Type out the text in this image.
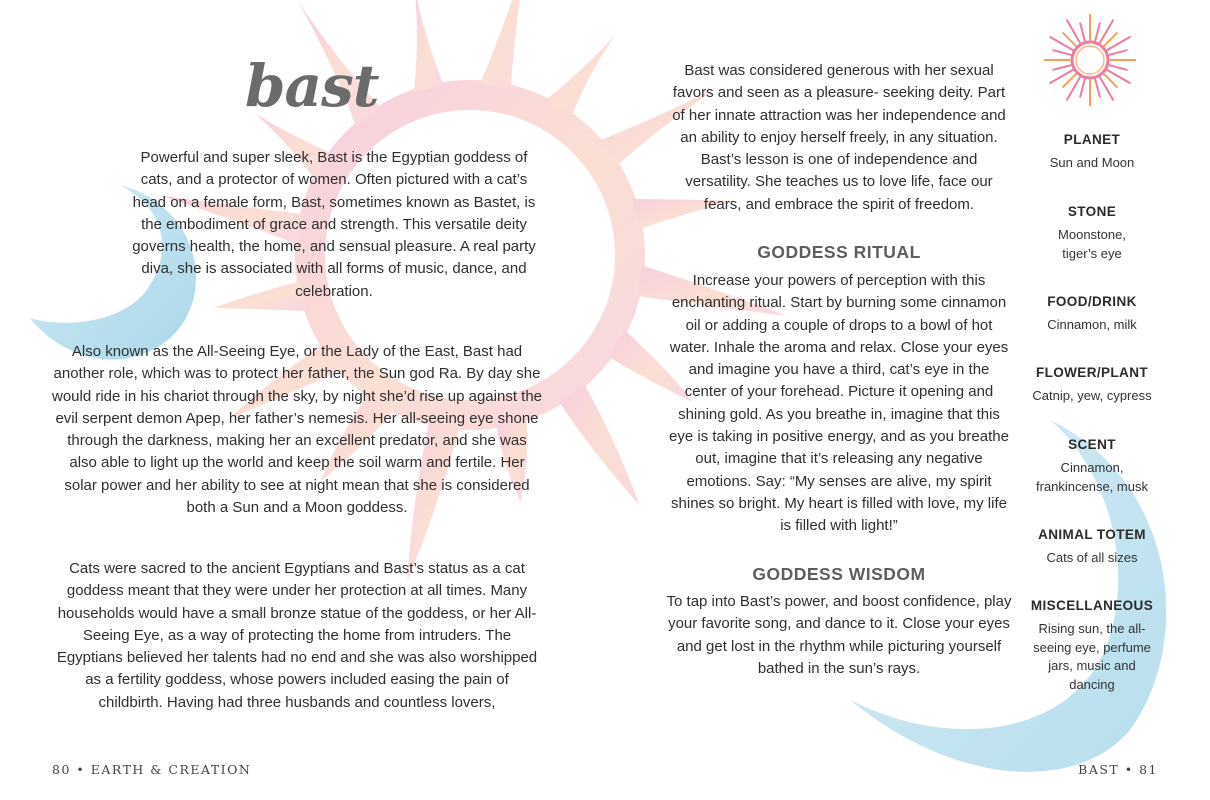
bast

Powerful and super sleek, Bast is the Egyptian goddess of cats, and a protector of women. Often pictured with a cat’s head on a female form, Bast, sometimes known as Bastet, is the embodiment of grace and strength. This versatile deity governs health, the home, and sensual pleasure. A real party diva, she is associated with all forms of music, dance, and celebration.

Also known as the All-Seeing Eye, or the Lady of the East, Bast had another role, which was to protect her father, the Sun god Ra. By day she would ride in his chariot through the sky, by night she’d rise up against the evil serpent demon Apep, her father’s nemesis. Her all-seeing eye shone through the darkness, making her an excellent predator, and she was also able to light up the world and keep the soil warm and fertile. Her solar power and her ability to see at night mean that she is considered both a Sun and a Moon goddess.

Cats were sacred to the ancient Egyptians and Bast’s status as a cat goddess meant that they were under her protection at all times. Many households would have a small bronze statue of the goddess, or her All-Seeing Eye, as a way of protecting the home from intruders. The Egyptians believed her talents had no end and she was also worshipped as a fertility goddess, whose powers included easing the pain of childbirth. Having had three husbands and countless lovers,

Bast was considered generous with her sexual favors and seen as a pleasure- seeking deity. Part of her innate attraction was her independence and an ability to enjoy herself freely, in any situation. Bast’s lesson is one of independence and versatility. She teaches us to love life, face our fears, and embrace the spirit of freedom.

GODDESS RITUAL

Increase your powers of perception with this enchanting ritual. Start by burning some cinnamon oil or adding a couple of drops to a bowl of hot water. Inhale the aroma and relax. Close your eyes and imagine you have a third, cat’s eye in the center of your forehead. Picture it opening and shining gold. As you breathe in, imagine that this eye is taking in positive energy, and as you breathe out, imagine that it’s releasing any negative emotions. Say: “My senses are alive, my spirit shines so bright. My heart is filled with love, my life is filled with light!”

GODDESS WISDOM

To tap into Bast’s power, and boost confidence, play your favorite song, and dance to it. Close your eyes and get lost in the rhythm while picturing yourself bathed in the sun’s rays.

PLANET
Sun and Moon
STONE
Moonstone, tiger’s eye
FOOD/DRINK
Cinnamon, milk
FLOWER/PLANT
Catnip, yew, cypress
SCENT
Cinnamon, frankincense, musk
ANIMAL TOTEM
Cats of all sizes
MISCELLANEOUS
Rising sun, the all-seeing eye, perfume jars, music and dancing
80 • EARTH & CREATION	BAST • 81
